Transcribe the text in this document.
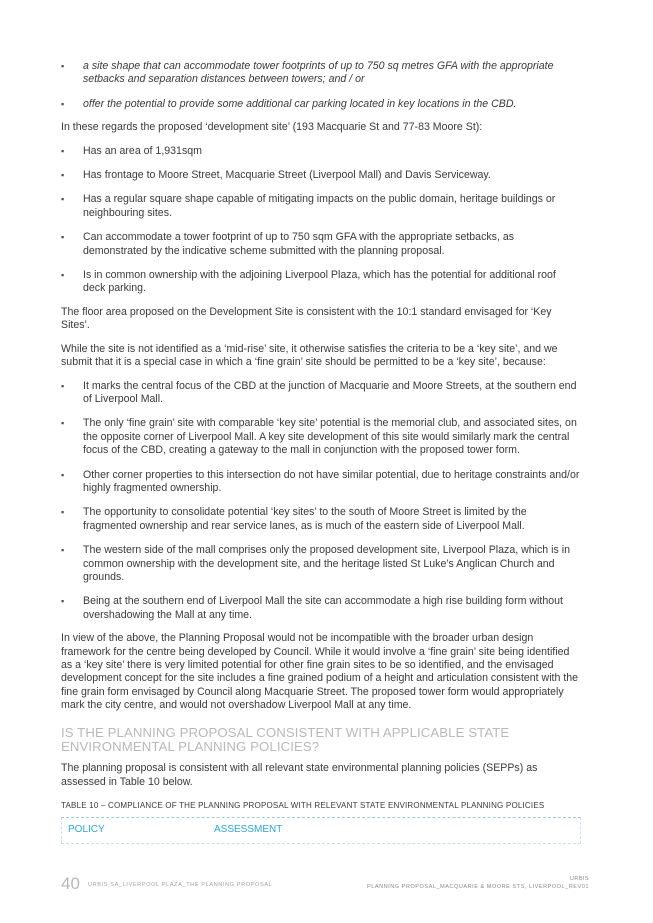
▪ a site shape that can accommodate tower footprints of up to 750 sq metres GFA with the appropriate setbacks and separation distances between towers; and / or
▪ offer the potential to provide some additional car parking located in key locations in the CBD.

In these regards the proposed ‘development site’ (193 Macquarie St and 77-83 Moore St):

▪ Has an area of 1,931sqm
▪ Has frontage to Moore Street, Macquarie Street (Liverpool Mall) and Davis Serviceway.
▪ Has a regular square shape capable of mitigating impacts on the public domain, heritage buildings or neighbouring sites.
▪ Can accommodate a tower footprint of up to 750 sqm GFA with the appropriate setbacks, as demonstrated by the indicative scheme submitted with the planning proposal.
▪ Is in common ownership with the adjoining Liverpool Plaza, which has the potential for additional roof deck parking.

The floor area proposed on the Development Site is consistent with the 10:1 standard envisaged for ‘Key Sites’.

While the site is not identified as a ‘mid-rise’ site, it otherwise satisfies the criteria to be a ‘key site’, and we submit that it is a special case in which a ‘fine grain’ site should be permitted to be a ‘key site’, because:

▪ It marks the central focus of the CBD at the junction of Macquarie and Moore Streets, at the southern end of Liverpool Mall.
▪ The only ‘fine grain’ site with comparable ‘key site’ potential is the memorial club, and associated sites, on the opposite corner of Liverpool Mall. A key site development of this site would similarly mark the central focus of the CBD, creating a gateway to the mall in conjunction with the proposed tower form.
▪ Other corner properties to this intersection do not have similar potential, due to heritage constraints and/or highly fragmented ownership.
▪ The opportunity to consolidate potential ‘key sites’ to the south of Moore Street is limited by the fragmented ownership and rear service lanes, as is much of the eastern side of Liverpool Mall.
▪ The western side of the mall comprises only the proposed development site, Liverpool Plaza, which is in common ownership with the development site, and the heritage listed St Luke’s Anglican Church and grounds.
▪ Being at the southern end of Liverpool Mall the site can accommodate a high rise building form without overshadowing the Mall at any time.

In view of the above, the Planning Proposal would not be incompatible with the broader urban design framework for the centre being developed by Council. While it would involve a ‘fine grain’ site being identified as a ‘key site’ there is very limited potential for other fine grain sites to be so identified, and the envisaged development concept for the site includes a fine grained podium of a height and articulation consistent with the fine grain form envisaged by Council along Macquarie Street. The proposed tower form would appropriately mark the city centre, and would not overshadow Liverpool Mall at any time.

IS THE PLANNING PROPOSAL CONSISTENT WITH APPLICABLE STATE ENVIRONMENTAL PLANNING POLICIES?

The planning proposal is consistent with all relevant state environmental planning policies (SEPPs) as assessed in Table 10 below.

TABLE 10 – COMPLIANCE OF THE PLANNING PROPOSAL WITH RELEVANT STATE ENVIRONMENTAL PLANNING POLICIES
POLICY	ASSESSMENT
40 URBIS SA_LIVERPOOL PLAZA_THE PLANNING PROPOSAL
URBIS
PLANNING PROPOSAL_MACQUARIE & MOORE STS, LIVERPOOL_REV01
